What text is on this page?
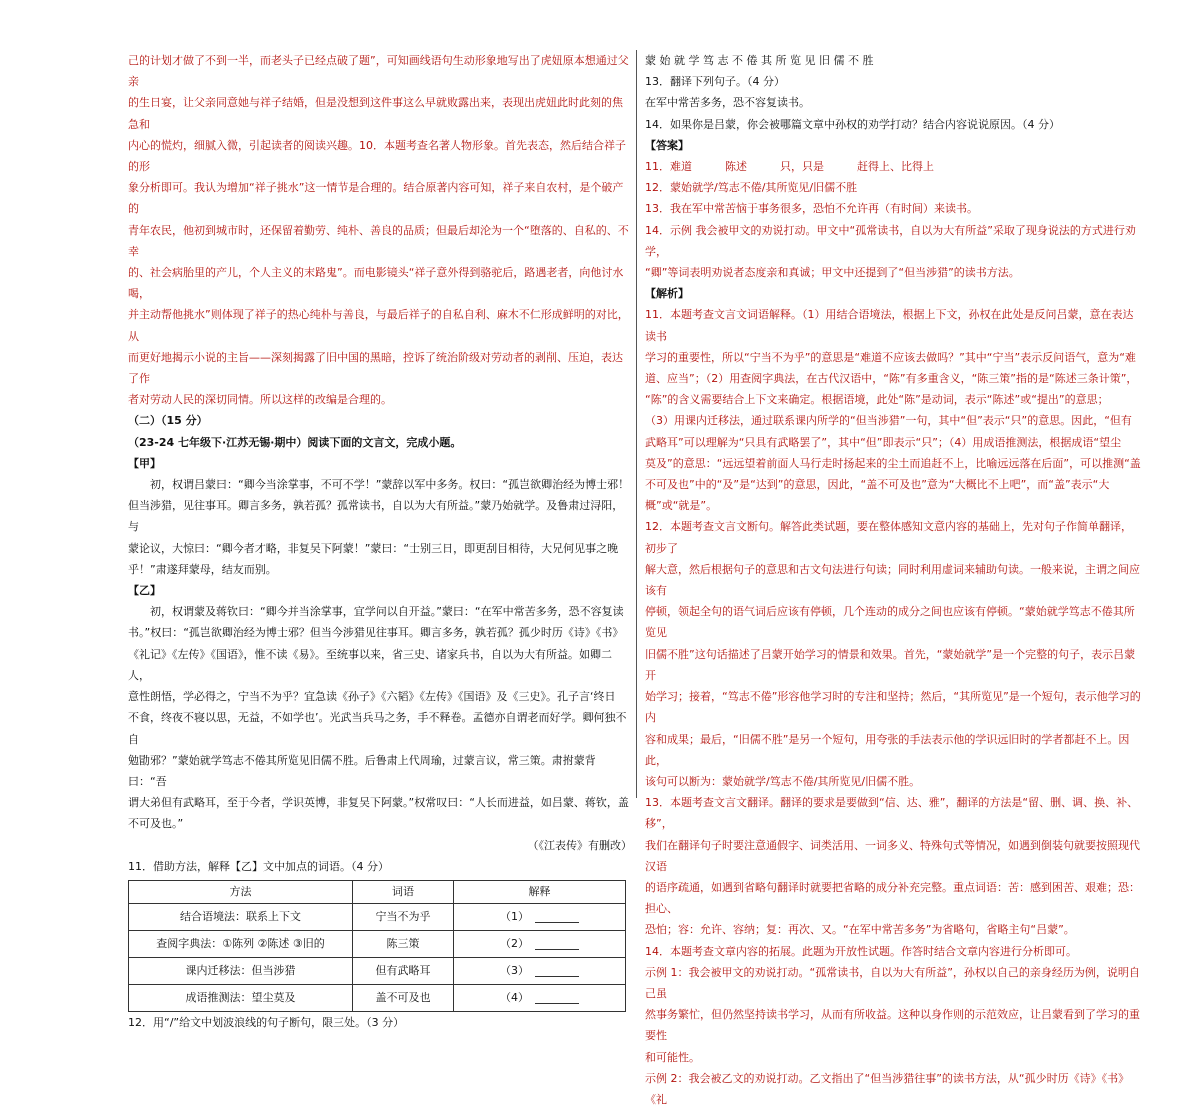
己的计划才做了不到一半，而老头子已经点破了题”，可知画线语句生动形象地写出了虎妞原本想通过父亲

的生日宴，让父亲同意她与祥子结婚，但是没想到这件事这么早就败露出来，表现出虎妞此时此刻的焦急和

内心的慌灼，细腻入微，引起读者的阅读兴趣。10．本题考查名著人物形象。首先表态，然后结合祥子的形

象分析即可。我认为增加“祥子挑水”这一情节是合理的。结合原著内容可知，祥子来自农村，是个破产的

青年农民，他初到城市时，还保留着勤劳、纯朴、善良的品质；但最后却沦为一个“堕落的、自私的、不幸

的、社会病胎里的产儿，个人主义的末路鬼”。而电影镜头“祥子意外得到骆驼后，路遇老者，向他讨水喝，

并主动帮他挑水”则体现了祥子的热心纯朴与善良，与最后祥子的自私自利、麻木不仁形成鲜明的对比，从

而更好地揭示小说的主旨——深刻揭露了旧中国的黑暗，控诉了统治阶级对劳动者的剥削、压迫，表达了作

者对劳动人民的深切同情。所以这样的改编是合理的。

（二）（15 分）

（23-24 七年级下·江苏无锡·期中）阅读下面的文言文，完成小题。

【甲】

初，权谓吕蒙曰：“卿今当涂掌事，不可不学！”蒙辞以军中多务。权曰：“孤岂欲卿治经为博士邪！

但当涉猎，见往事耳。卿言多务，孰若孤？孤常读书，自以为大有所益。”蒙乃始就学。及鲁肃过浔阳，与

蒙论议，大惊曰：“卿今者才略，非复吴下阿蒙！”蒙曰：“士别三日，即更刮目相待，大兄何见事之晚

乎！”肃遂拜蒙母，结友而别。

【乙】

初，权谓蒙及蒋钦曰：“卿今并当涂掌事，宜学问以自开益。”蒙曰：“在军中常苦多务，恐不容复读

书。”权曰：“孤岂欲卿治经为博士邪？但当今涉猎见往事耳。卿言多务，孰若孤？孤少时历《诗》《书》

《礼记》《左传》《国语》，惟不读《易》。至统事以来，省三史、诸家兵书，自以为大有所益。如卿二人，

意性朗悟，学必得之，宁当不为乎？宜急读《孙子》《六韬》《左传》《国语》及《三史》。孔子言‘终日

不食，终夜不寝以思，无益，不如学也’。光武当兵马之务，手不释卷。孟德亦自谓老而好学。卿何独不自

勉勖邪？”蒙始就学笃志不倦其所览见旧儒不胜。后鲁肃上代周瑜，过蒙言议，常三策。肃拊蒙背曰：“吾

谓大弟但有武略耳，至于今者，学识英博，非复吴下阿蒙。”权常叹曰：“人长而进益，如吕蒙、蒋钦，盖

不可及也。”

（《江表传》有删改）

11．借助方法，解释【乙】文中加点的词语。（4 分）

方法	词语	解释
结合语境法：联系上下文	宁当不为乎	（1）
查阅字典法：①陈列 ②陈述 ③旧的	陈三策	（2）
课内迁移法：但当涉猎	但有武略耳	（3）
成语推测法：望尘莫及	盖不可及也	（4）

12．用“/”给文中划波浪线的句子断句，限三处。（3 分）

蒙 始 就 学 笃 志 不 倦 其 所 览 见 旧 儒 不 胜

13．翻译下列句子。（4 分）

在军中常苦多务，恐不容复读书。

14．如果你是吕蒙，你会被哪篇文章中孙权的劝学打动？结合内容说说原因。（4 分）

【答案】

11．难道　　　陈述　　　只，只是　　　赶得上、比得上

12．蒙始就学/笃志不倦/其所览见/旧儒不胜

13．我在军中常苦恼于事务很多，恐怕不允许再（有时间）来读书。

14．示例 我会被甲文的劝说打动。甲文中“孤常读书，自以为大有所益”采取了现身说法的方式进行劝学，

“卿”等词表明劝说者态度亲和真诚；甲文中还提到了“但当涉猎”的读书方法。

【解析】

11．本题考查文言文词语解释。（1）用结合语境法，根据上下文，孙权在此处是反问吕蒙，意在表达读书

学习的重要性，所以“宁当不为乎”的意思是“难道不应该去做吗？”其中“宁当”表示反问语气，意为“难

道、应当”；（2）用查阅字典法，在古代汉语中，“陈”有多重含义，“陈三策”指的是“陈述三条计策”，

“陈”的含义需要结合上下文来确定。根据语境，此处“陈”是动词，表示“陈述”或“提出”的意思；

（3）用课内迁移法，通过联系课内所学的“但当涉猎”一句，其中“但”表示“只”的意思。因此，“但有

武略耳”可以理解为“只具有武略罢了”，其中“但”即表示“只”；（4）用成语推测法，根据成语“望尘

莫及”的意思：“远远望着前面人马行走时扬起来的尘土而追赶不上，比喻远远落在后面”，可以推测“盖

不可及也”中的“及”是“达到”的意思，因此，“盖不可及也”意为“大概比不上吧”，而“盖”表示“大

概”或“就是”。

12．本题考查文言文断句。解答此类试题，要在整体感知文意内容的基础上，先对句子作简单翻译，初步了

解大意，然后根据句子的意思和古文句法进行句读；同时利用虚词来辅助句读。一般来说，主谓之间应该有

停顿，领起全句的语气词后应该有停顿，几个连动的成分之间也应该有停顿。“蒙始就学笃志不倦其所览见

旧儒不胜”这句话描述了吕蒙开始学习的情景和效果。首先，“蒙始就学”是一个完整的句子，表示吕蒙开

始学习；接着，“笃志不倦”形容他学习时的专注和坚持；然后，“其所览见”是一个短句，表示他学习的内

容和成果；最后，“旧儒不胜”是另一个短句，用夸张的手法表示他的学识远旧时的学者都赶不上。因此，

该句可以断为：蒙始就学/笃志不倦/其所览见/旧儒不胜。

13．本题考查文言文翻译。翻译的要求是要做到“信、达、雅”，翻译的方法是“留、删、调、换、补、移”，

我们在翻译句子时要注意通假字、词类活用、一词多义、特殊句式等情况，如遇到倒装句就要按照现代汉语

的语序疏通，如遇到省略句翻译时就要把省略的成分补充完整。重点词语：苦：感到困苦、艰难；恐：担心、

恐怕；容：允许、容纳；复：再次、又。“在军中常苦多务”为省略句，省略主句“吕蒙”。

14．本题考查文章内容的拓展。此题为开放性试题。作答时结合文章内容进行分析即可。

示例 1：我会被甲文的劝说打动。“孤常读书，自以为大有所益”，孙权以自己的亲身经历为例，说明自己虽

然事务繁忙，但仍然坚持读书学习，从而有所收益。这种以身作则的示范效应，让吕蒙看到了学习的重要性

和可能性。

示例 2：我会被乙文的劝说打动。乙文指出了“但当涉猎往事”的读书方法，从“孤少时历《诗》《书》《礼
